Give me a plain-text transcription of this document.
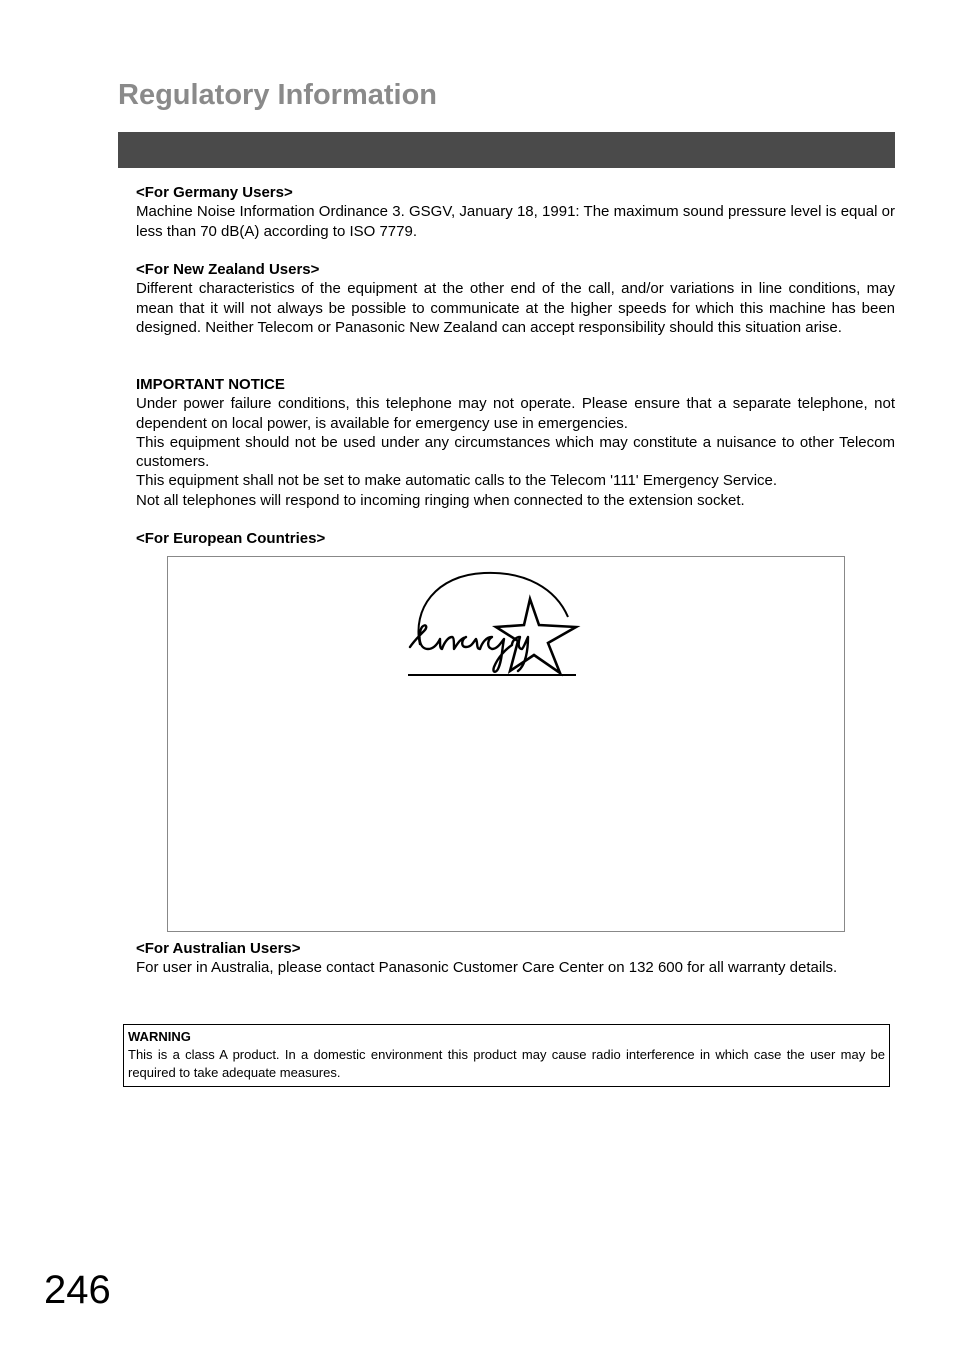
Regulatory Information

<For Germany Users>

Machine Noise Information Ordinance 3. GSGV, January 18, 1991: The maximum sound pressure level is equal or less than 70 dB(A) according to ISO 7779.

<For New Zealand Users>

Different characteristics of the equipment at the other end of the call, and/or variations in line conditions, may mean that it will not always be possible to communicate at the higher speeds for which this machine has been designed. Neither Telecom or Panasonic New Zealand can accept responsibility should this situation arise.

IMPORTANT NOTICE

Under power failure conditions, this telephone may not operate. Please ensure that a separate telephone, not dependent on local power, is available for emergency use in emergencies.

This equipment should not be used under any circumstances which may constitute a nuisance to other Telecom customers.

This equipment shall not be set to make automatic calls to the Telecom '111' Emergency Service.

Not all telephones will respond to incoming ringing when connected to the extension socket.

<For European Countries>

<For Australian Users>

For user in Australia, please contact Panasonic Customer Care Center on 132 600 for all warranty details.

WARNING

This is a class A product. In a domestic environment this product may cause radio interference in which case the user may be required to take adequate measures.

246
